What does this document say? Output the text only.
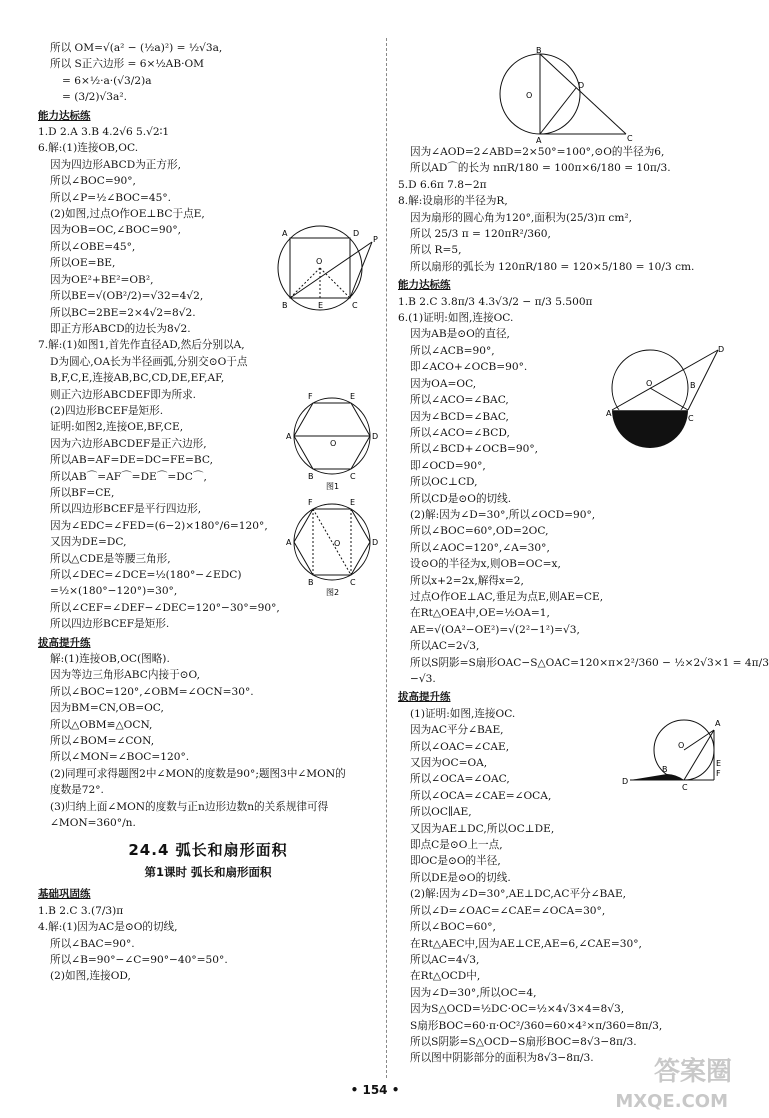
所以 OM=√(a² − (½a)²) = ½√3a,
所以 S正六边形 = 6×½AB·OM
= 6×½·a·(√3/2)a
= (3/2)√3a².
能力达标练
1.D 2.A 3.B 4.2√6 5.√2∶1
6.解:(1)连接OB,OC.
因为四边形ABCD为正方形,
所以∠BOC=90°,
所以∠P=½∠BOC=45°.
(2)如图,过点O作OE⊥BC于点E,
因为OB=OC,∠BOC=90°,
所以∠OBE=45°,
所以OE=BE,
因为OE²+BE²=OB²,
所以BE=√(OB²/2)=√32=4√2,
所以BC=2BE=2×4√2=8√2.
即正方形ABCD的边长为8√2.
7.解:(1)如图1,首先作直径AD,然后分别以A,
D为圆心,OA长为半径画弧,分别交⊙O于点
B,F,C,E,连接AB,BC,CD,DE,EF,AF,
则正六边形ABCDEF即为所求.
(2)四边形BCEF是矩形.
证明:如图2,连接OE,BF,CE,
因为六边形ABCDEF是正六边形,
所以AB=AF=DE=DC=FE=BC,
所以AB⌒=AF⌒=DE⌒=DC⌒,
所以BF=CE,
所以四边形BCEF是平行四边形,
因为∠EDC=∠FED=(6−2)×180°/6=120°,
又因为DE=DC,
所以△CDE是等腰三角形,
所以∠DEC=∠DCE=½(180°−∠EDC)
=½×(180°−120°)=30°,
所以∠CEF=∠DEF−∠DEC=120°−30°=90°,
所以四边形BCEF是矩形.
拔高提升练
解:(1)连接OB,OC(图略).
因为等边三角形ABC内接于⊙O,
所以∠BOC=120°,∠OBM=∠OCN=30°.
因为BM=CN,OB=OC,
所以△OBM≌△OCN,
所以∠BOM=∠CON,
所以∠MON=∠BOC=120°.
(2)同理可求得题图2中∠MON的度数是90°;题图3中∠MON的
度数是72°.
(3)归纳上面∠MON的度数与正n边形边数n的关系规律可得
∠MON=360°/n.
24.4 弧长和扇形面积
第1课时 弧长和扇形面积
基础巩固练
1.B 2.C 3.(7/3)π
4.解:(1)因为AC是⊙O的切线,
所以∠BAC=90°.
所以∠B=90°−∠C=90°−40°=50°.
(2)如图,连接OD,
因为∠AOD=2∠ABD=2×50°=100°,⊙O的半径为6,
所以AD⌒的长为 nπR/180 = 100π×6/180 = 10π/3.
5.D 6.6π 7.8−2π
8.解:设扇形的半径为R,
因为扇形的圆心角为120°,面积为(25/3)π cm²,
所以 25/3 π = 120πR²/360,
所以 R=5,
所以扇形的弧长为 120πR/180 = 120×5/180 = 10/3 cm.
能力达标练
1.B 2.C 3.8π/3 4.3√3/2 − π/3 5.500π
6.(1)证明:如图,连接OC.
因为AB是⊙O的直径,
所以∠ACB=90°,
即∠ACO+∠OCB=90°.
因为OA=OC,
所以∠ACO=∠BAC,
因为∠BCD=∠BAC,
所以∠ACO=∠BCD,
所以∠BCD+∠OCB=90°,
即∠OCD=90°,
所以OC⊥CD,
所以CD是⊙O的切线.
(2)解:因为∠D=30°,所以∠OCD=90°,
所以∠BOC=60°,OD=2OC,
所以∠AOC=120°,∠A=30°,
设⊙O的半径为x,则OB=OC=x,
所以x+2=2x,解得x=2,
过点O作OE⊥AC,垂足为点E,则AE=CE,
在Rt△OEA中,OE=½OA=1,
AE=√(OA²−OE²)=√(2²−1²)=√3,
所以AC=2√3,
所以S阴影=S扇形OAC−S△OAC=120×π×2²/360 − ½×2√3×1 = 4π/3
−√3.
拔高提升练
(1)证明:如图,连接OC.
因为AC平分∠BAE,
所以∠OAC=∠CAE,
又因为OC=OA,
所以∠OCA=∠OAC,
所以∠OCA=∠CAE=∠OCA,
所以OC∥AE,
又因为AE⊥DC,所以OC⊥DE,
即点C是⊙O上一点,
即OC是⊙O的半径,
所以DE是⊙O的切线.
(2)解:因为∠D=30°,AE⊥DC,AC平分∠BAE,
所以∠D=∠OAC=∠CAE=∠OCA=30°,
所以∠BOC=60°,
在Rt△AEC中,因为AE⊥CE,AE=6,∠CAE=30°,
所以AC=4√3,
在Rt△OCD中,
因为∠D=30°,所以OC=4,
因为S△OCD=½DC·OC=½×4√3×4=8√3,
S扇形BOC=60·π·OC²/360=60×4²×π/360=8π/3,
所以S阴影=S△OCD−S扇形BOC=8√3−8π/3.
所以图中阴影部分的面积为8√3−8π/3.
A	D
B	C
O
E
P
F	E
A	D
B	C
O
图1
F	E
A	D
B	C
O
图2
B
O
D
A	C
A
O	B
C
D
A
O
E
F
D
C
B
• 154 •
答案圈
MXQE.COM
